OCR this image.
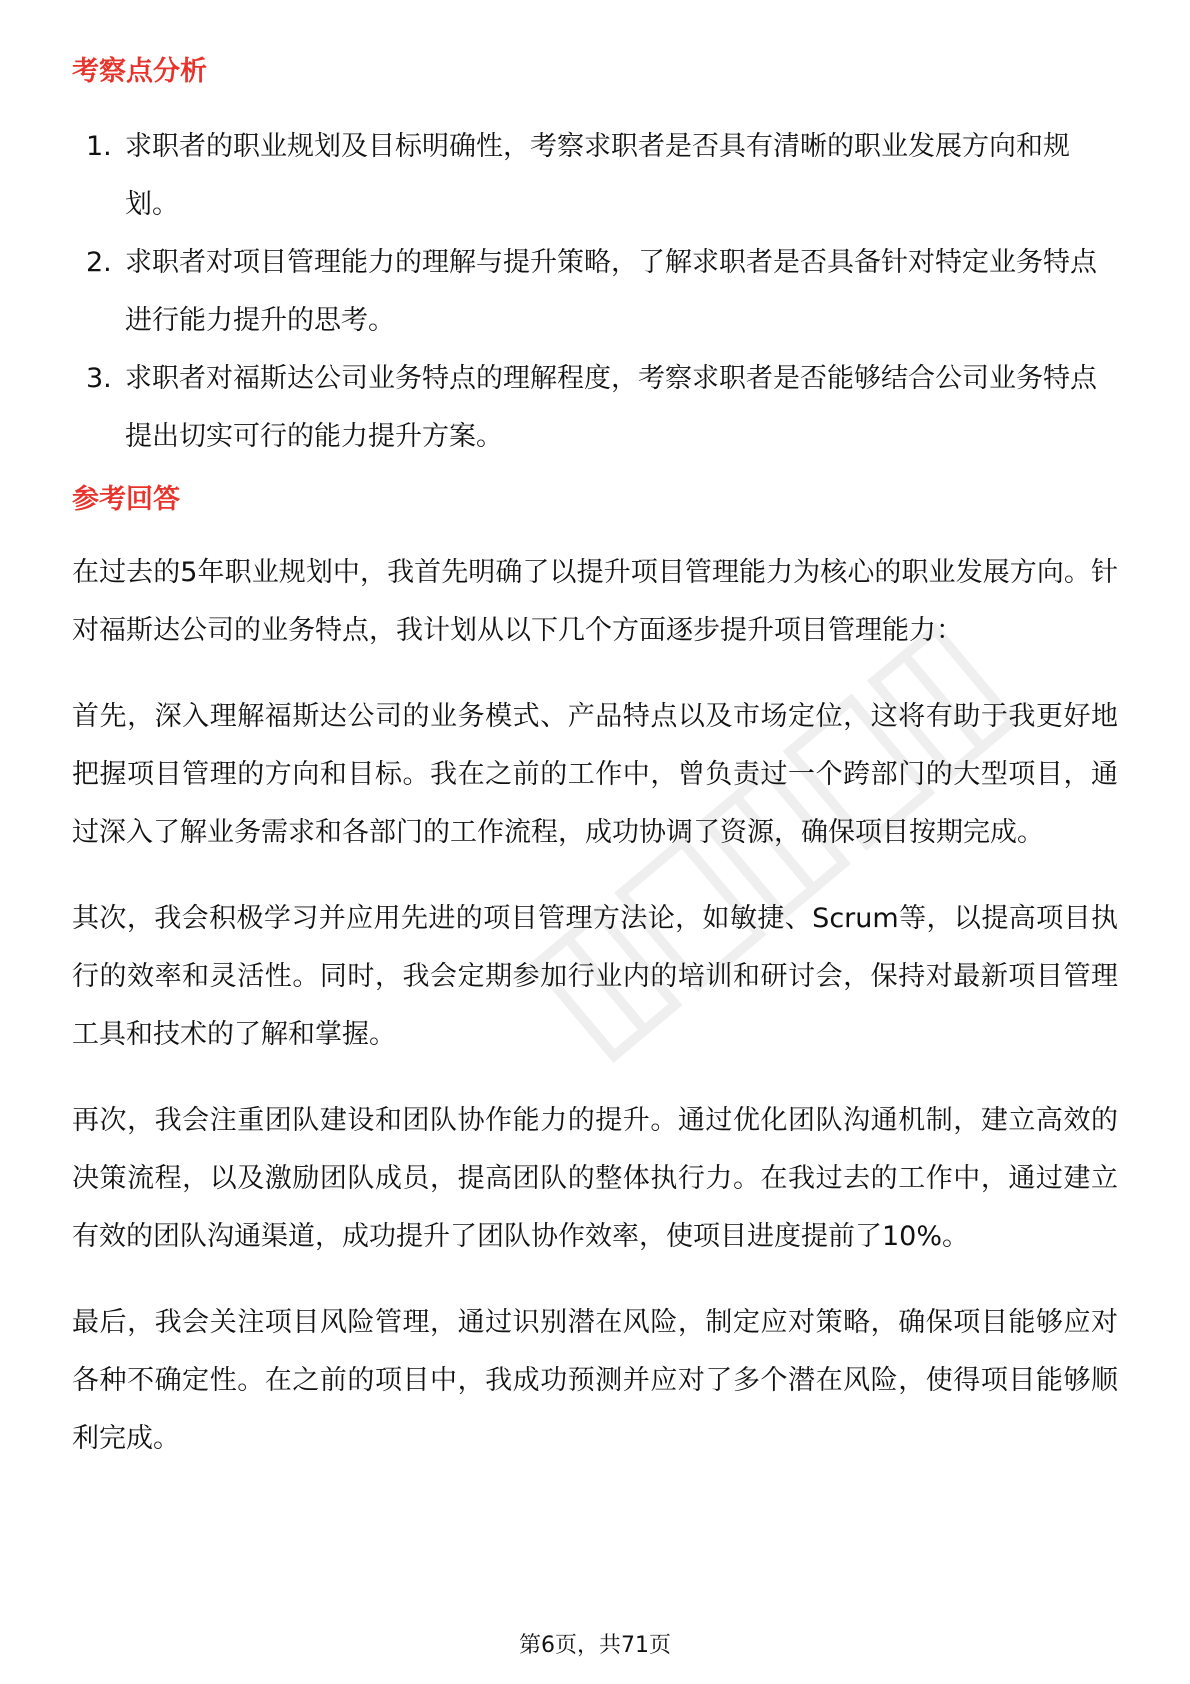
考察点分析
1. 求职者的职业规划及目标明确性，考察求职者是否具有清晰的职业发展方向和规划。
2. 求职者对项目管理能力的理解与提升策略，了解求职者是否具备针对特定业务特点进行能力提升的思考。
3. 求职者对福斯达公司业务特点的理解程度，考察求职者是否能够结合公司业务特点提出切实可行的能力提升方案。
参考回答

在过去的5年职业规划中，我首先明确了以提升项目管理能力为核心的职业发展方向。针对福斯达公司的业务特点，我计划从以下几个方面逐步提升项目管理能力：

首先，深入理解福斯达公司的业务模式、产品特点以及市场定位，这将有助于我更好地把握项目管理的方向和目标。我在之前的工作中，曾负责过一个跨部门的大型项目，通过深入了解业务需求和各部门的工作流程，成功协调了资源，确保项目按期完成。

其次，我会积极学习并应用先进的项目管理方法论，如敏捷、Scrum等，以提高项目执行的效率和灵活性。同时，我会定期参加行业内的培训和研讨会，保持对最新项目管理工具和技术的了解和掌握。

再次，我会注重团队建设和团队协作能力的提升。通过优化团队沟通机制，建立高效的决策流程，以及激励团队成员，提高团队的整体执行力。在我过去的工作中，通过建立有效的团队沟通渠道，成功提升了团队协作效率，使项目进度提前了10%。

最后，我会关注项目风险管理，通过识别潜在风险，制定应对策略，确保项目能够应对各种不确定性。在之前的项目中，我成功预测并应对了多个潜在风险，使得项目能够顺利完成。

第6页，共71页
